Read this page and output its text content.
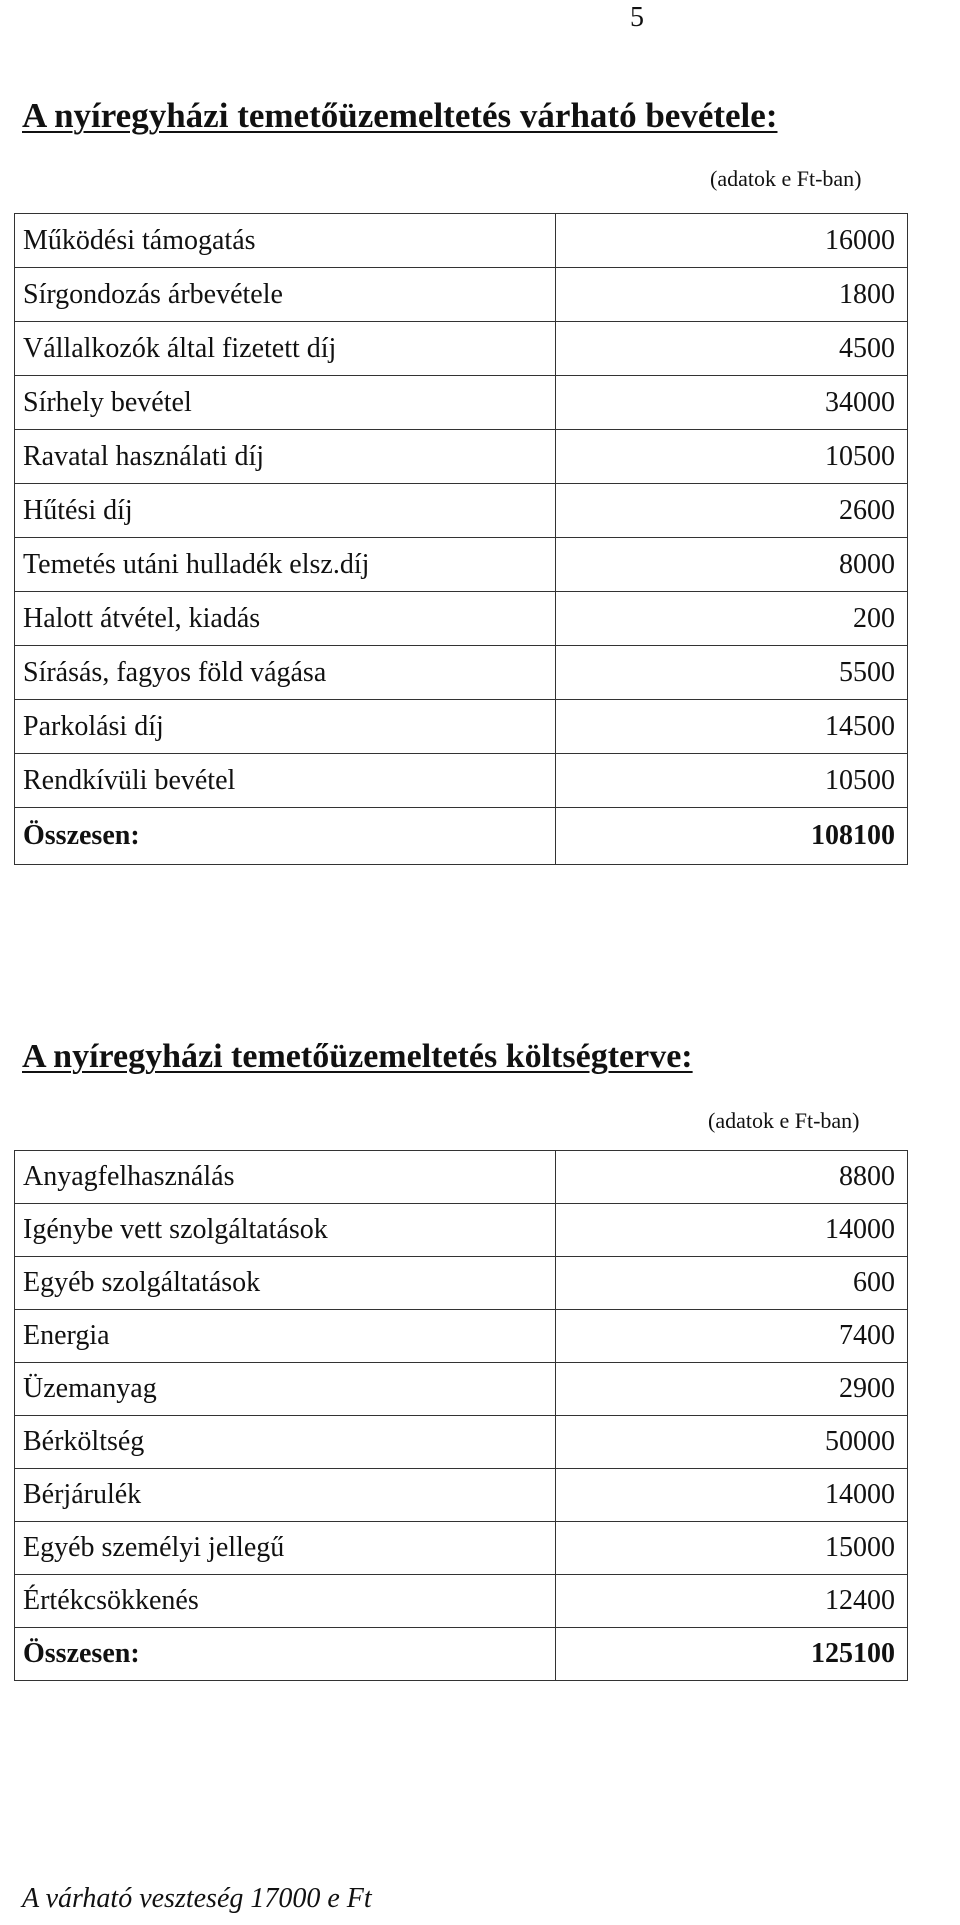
5
A nyíregyházi temetőüzemeltetés várható bevétele:
(adatok e Ft-ban)
Működési támogatás	16000
Sírgondozás árbevétele	1800
Vállalkozók által fizetett díj	4500
Sírhely bevétel	34000
Ravatal használati díj	10500
Hűtési díj	2600
Temetés utáni hulladék elsz.díj	8000
Halott átvétel, kiadás	200
Sírásás, fagyos föld vágása	5500
Parkolási díj	14500
Rendkívüli bevétel	10500
Összesen:	108100
A nyíregyházi temetőüzemeltetés költségterve:
(adatok e Ft-ban)
Anyagfelhasználás	8800
Igénybe vett szolgáltatások	14000
Egyéb szolgáltatások	600
Energia	7400
Üzemanyag	2900
Bérköltség	50000
Bérjárulék	14000
Egyéb személyi jellegű	15000
Értékcsökkenés	12400
Összesen:	125100
A várható veszteség 17000 e Ft
